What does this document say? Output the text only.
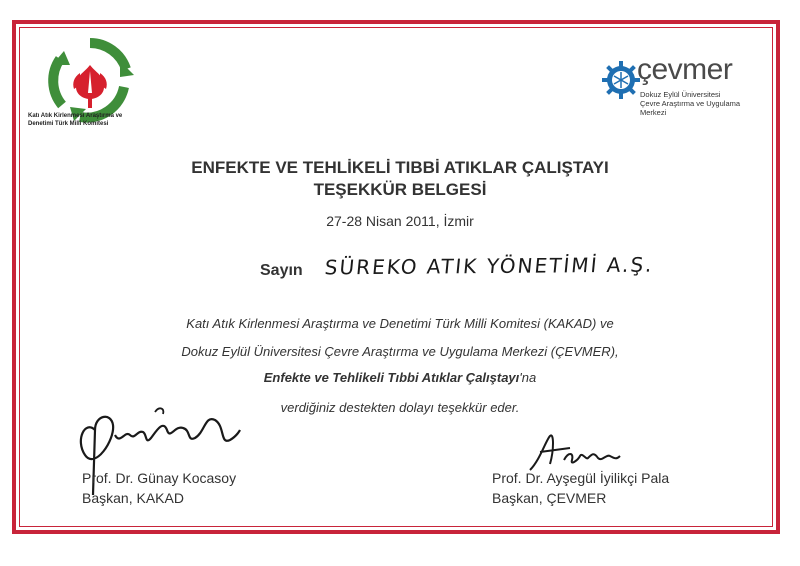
Katı Atık Kirlenmesi Araştırma ve
Denetimi Türk Milli Komitesi
çevmer
Dokuz Eylül Üniversitesi
Çevre Araştırma ve Uygulama Merkezi
ENFEKTE VE TEHLİKELİ TIBBİ ATIKLAR ÇALIŞTAYI
TEŞEKKÜR BELGESİ
27-28 Nisan 2011, İzmir
Sayın SÜREKO ATIK YÖNETİMİ A.Ş.
Katı Atık Kirlenmesi Araştırma ve Denetimi Türk Milli Komitesi (KAKAD) ve
Dokuz Eylül Üniversitesi Çevre Araştırma ve Uygulama Merkezi (ÇEVMER),
Enfekte ve Tehlikeli Tıbbi Atıklar Çalıştayı'na
verdiğiniz destekten dolayı teşekkür eder.
Prof. Dr. Günay Kocasoy
Başkan, KAKAD
Prof. Dr. Ayşegül İyilikçi Pala
Başkan, ÇEVMER
